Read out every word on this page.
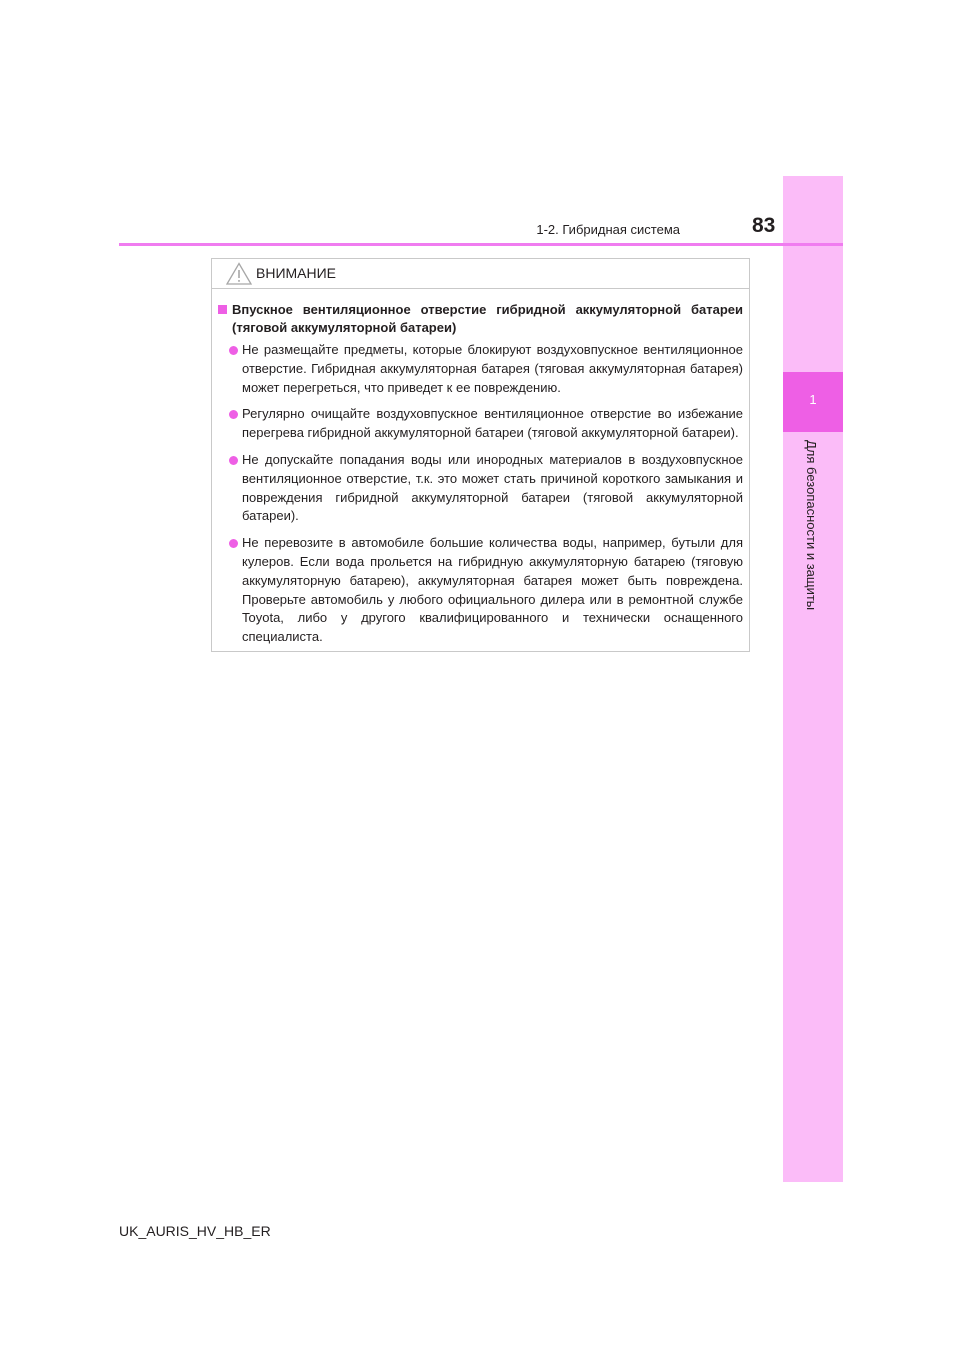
1
Для безопасности и защиты
1-2. Гибридная система	83
ВНИМАНИЕ
Впускное вентиляционное отверстие гибридной аккумуляторной батареи (тяговой аккумуляторной батареи)
Не размещайте предметы, которые блокируют воздуховпускное вентиляционное отверстие. Гибридная аккумуляторная батарея (тяговая аккумуляторная батарея) может перегреться, что приведет к ее повреждению.
Регулярно очищайте воздуховпускное вентиляционное отверстие во избежание перегрева гибридной аккумуляторной батареи (тяговой аккумуляторной батареи).
Не допускайте попадания воды или инородных материалов в воздуховпускное вентиляционное отверстие, т.к. это может стать причиной короткого замыкания и повреждения гибридной аккумуляторной батареи (тяговой аккумуляторной батареи).
Не перевозите в автомобиле большие количества воды, например, бутыли для кулеров. Если вода прольется на гибридную аккумуляторную батарею (тяговую аккумуляторную батарею), аккумуляторная батарея может быть повреждена. Проверьте автомобиль у любого официального дилера или в ремонтной службе Toyota, либо у другого квалифицированного и технически оснащенного специалиста.
UK_AURIS_HV_HB_ER
